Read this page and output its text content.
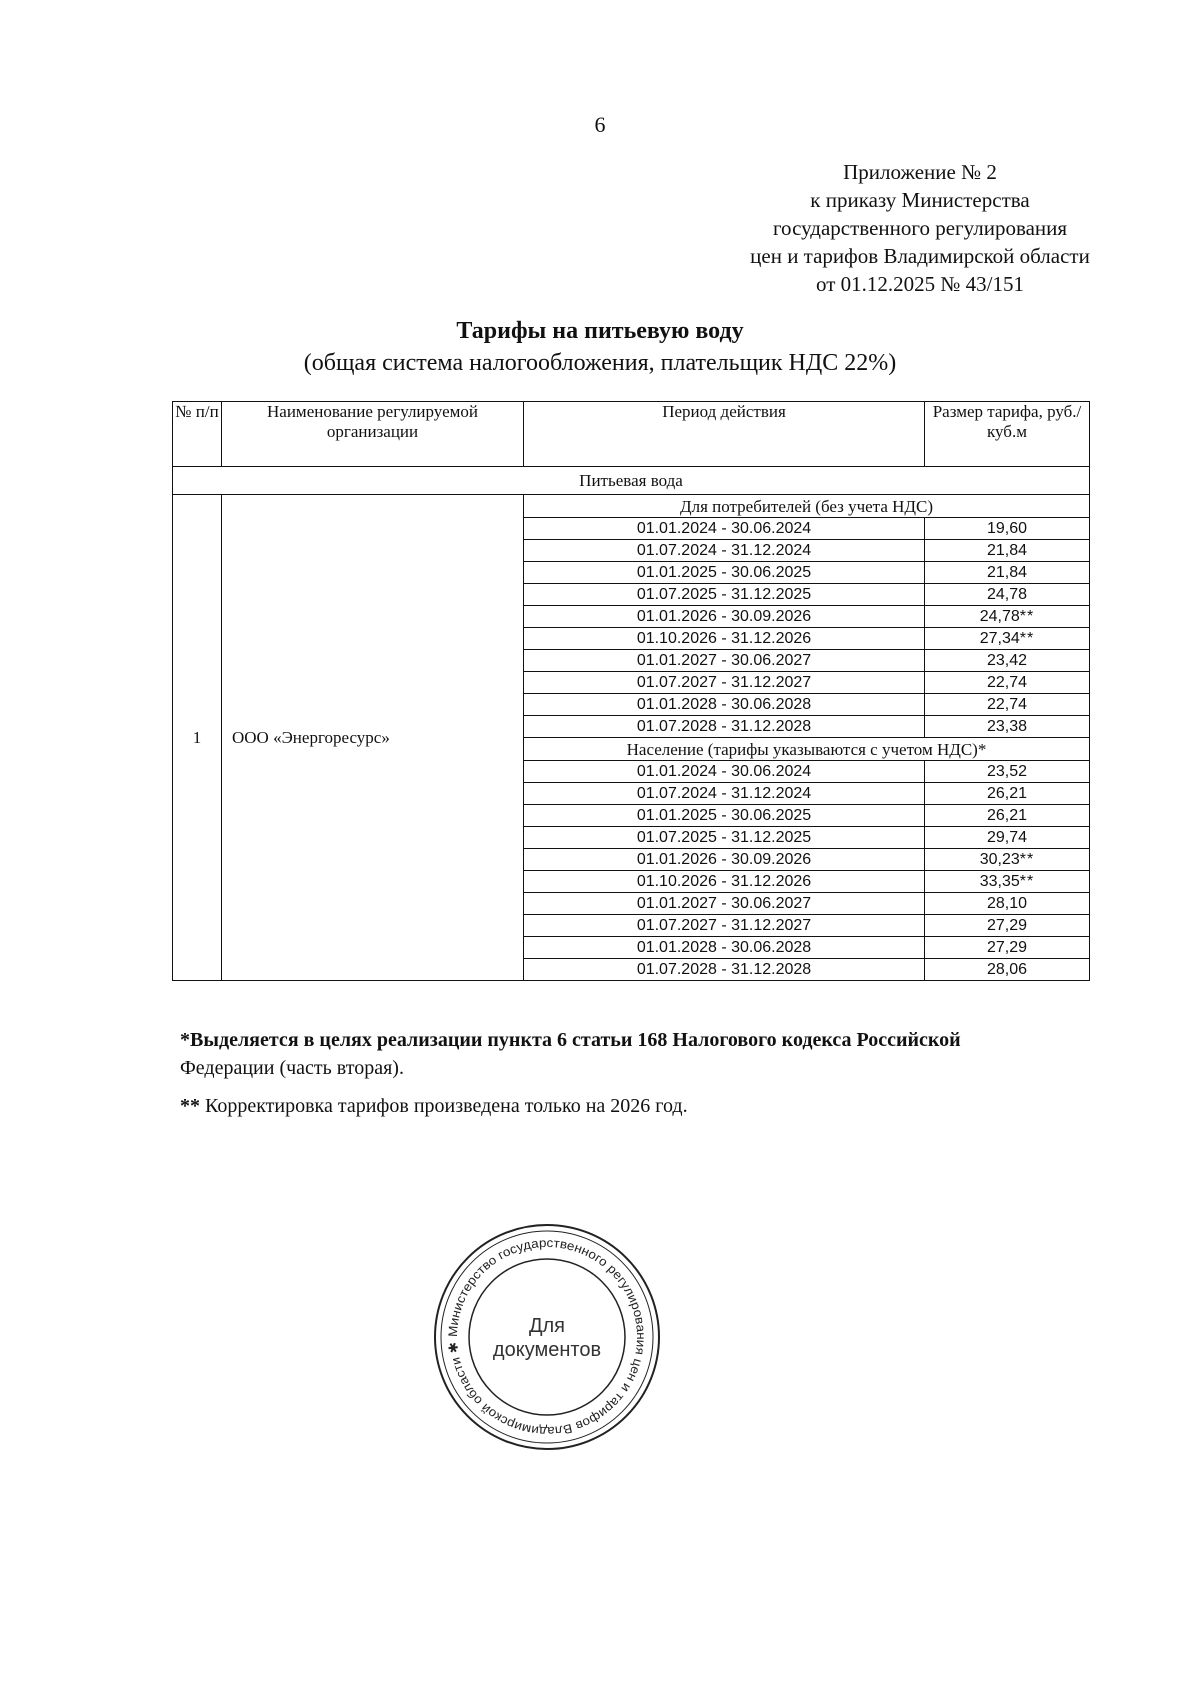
6
Приложение № 2
к приказу Министерства
государственного регулирования
цен и тарифов Владимирской области
от 01.12.2025 № 43/151
Тарифы на питьевую воду
(общая система налогообложения, плательщик НДС 22%)
№ п/п	Наименование регулируемой организации	Период действия	Размер тарифа, руб./куб.м
Питьевая вода			
1	ООО «Энергоресурс»	Для потребителей (без учета НДС)	
		01.01.2024 - 30.06.2024	19,60
		01.07.2024 - 31.12.2024	21,84
		01.01.2025 - 30.06.2025	21,84
		01.07.2025 - 31.12.2025	24,78
		01.01.2026 - 30.09.2026	24,78**
		01.10.2026 - 31.12.2026	27,34**
		01.01.2027 - 30.06.2027	23,42
		01.07.2027 - 31.12.2027	22,74
		01.01.2028 - 30.06.2028	22,74
		01.07.2028 - 31.12.2028	23,38
		Население (тарифы указываются с учетом НДС)*	
		01.01.2024 - 30.06.2024	23,52
		01.07.2024 - 31.12.2024	26,21
		01.01.2025 - 30.06.2025	26,21
		01.07.2025 - 31.12.2025	29,74
		01.01.2026 - 30.09.2026	30,23**
		01.10.2026 - 31.12.2026	33,35**
		01.01.2027 - 30.06.2027	28,10
		01.07.2027 - 31.12.2027	27,29
		01.01.2028 - 30.06.2028	27,29
		01.07.2028 - 31.12.2028	28,06
*Выделяется в целях реализации пункта 6 статьи 168 Налогового кодекса Российской
Федерации (часть вторая).
** Корректировка тарифов произведена только на 2026 год.
Министерство государственного регулирования цен и тарифов Владимирской области ✱
Для
документов
